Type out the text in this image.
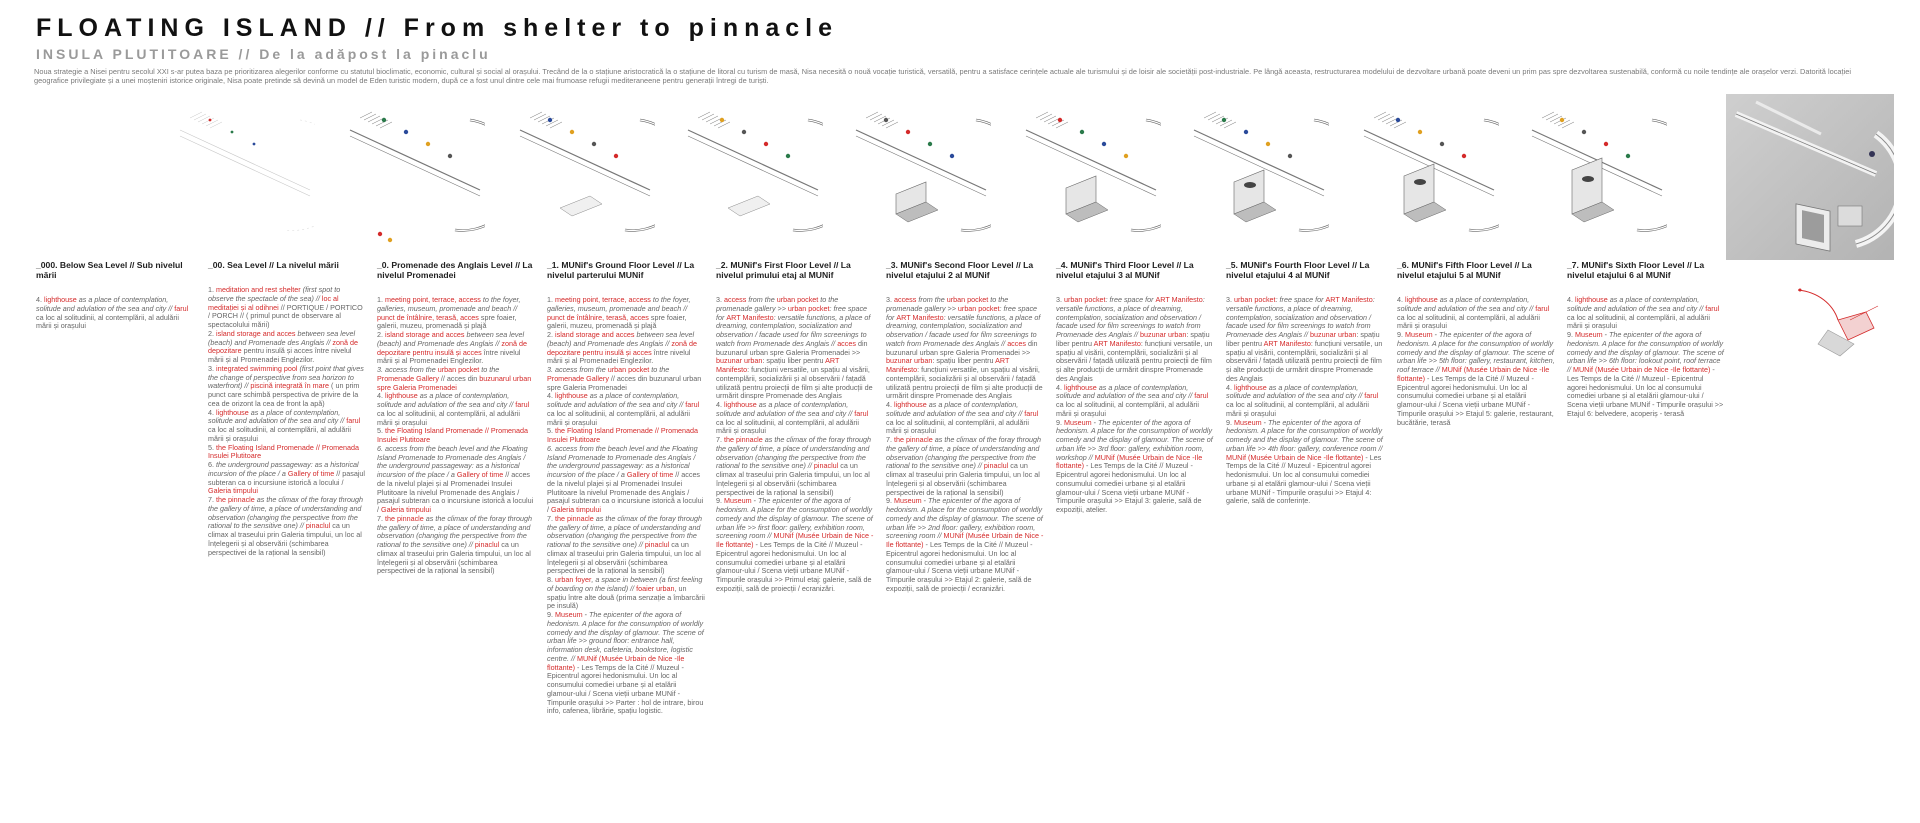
FLOATING ISLAND // From shelter to pinnacle
INSULA PLUTITOARE // De la adăpost la pinaclu
Noua strategie a Nisei pentru secolul XXI s-ar putea baza pe prioritizarea alegerilor conforme cu statutul bioclimatic, economic, cultural și social al orașului. Trecând de la o stațiune aristocratică la o stațiune de litoral cu turism de masă, Nisa necesită o nouă vocație turistică, versatilă, pentru a satisface cerințele actuale ale turismului și de loisir ale societății post-industriale. Pe lângă aceasta, restructurarea modelului de dezvoltare urbană poate deveni un prim pas spre dezvoltarea sustenabilă, conformă cu noile tendințe ale orașelor verzi. Datorită locației geografice privilegiate și a unei moșteniri istorice originale, Nisa poate pretinde să devină un model de Eden turistic modern, după ce a fost unul dintre cele mai frumoase refugii mediteraneene pentru generații întregi de turiști.
_000. Below Sea Level // Sub nivelul mării
4. lighthouse as a place of contemplation, solitude and adulation of the sea and city // farul ca loc al solitudinii, al contemplării, al adulării mării și orașului
_00. Sea Level // La nivelul mării
1. meditation and rest shelter (first spot to observe the spectacle of the sea) // loc al meditației și al odihnei // PORTIQUE / PORTICO / PORCH // ( primul punct de observare al spectacolului mării)
2. island storage and acces between sea level (beach) and Promenade des Anglais // zonă de depozitare pentru insulă și acces între nivelul mării și al Promenadei Englezilor.
3. integrated swimming pool (first point that gives the change of perspective from sea horizon to waterfront) // piscină integrată în mare ( un prim punct care schimbă perspectiva de privire de la cea de orizont la cea de front la apă)
4. lighthouse as a place of contemplation, solitude and adulation of the sea and city // farul ca loc al solitudinii, al contemplării, al adulării mării și orașului
5. the Floating Island Promenade // Promenada Insulei Plutitoare
6. the underground passageway: as a historical incursion of the place / a Gallery of time // pasajul subteran ca o incursiune istorică a locului / Galeria timpului
7. the pinnacle as the climax of the foray through the gallery of time, a place of understanding and observation (changing the perspective from the rational to the sensitive one) // pinaclul ca un climax al traseului prin Galeria timpului, un loc al înțelegerii și al observării (schimbarea perspectivei de la rațional la sensibil)
_0. Promenade des Anglais Level // La nivelul Promenadei
1. meeting point, terrace, access to the foyer, galleries, museum, promenade and beach // punct de întâlnire, terasă, acces spre foaier, galerii, muzeu, promenadă și plajă
2. island storage and acces between sea level (beach) and Promenade des Anglais // zonă de depozitare pentru insulă și acces între nivelul mării și al Promenadei Englezilor.
3. access from the urban pocket to the Promenade Gallery // acces din buzunarul urban spre Galeria Promenadei
4. lighthouse as a place of contemplation, solitude and adulation of the sea and city // farul ca loc al solitudinii, al contemplării, al adulării mării și orașului
5. the Floating Island Promenade // Promenada Insulei Plutitoare
6. access from the beach level and the Floating Island Promenade to Promenade des Anglais / the underground passageway: as a historical incursion of the place / a Gallery of time // acces de la nivelul plajei și al Promenadei Insulei Plutitoare la nivelul Promenade des Anglais / pasajul subteran ca o incursiune istorică a locului / Galeria timpului
7. the pinnacle as the climax of the foray through the gallery of time, a place of understanding and observation (changing the perspective from the rational to the sensitive one) // pinaclul ca un climax al traseului prin Galeria timpului, un loc al înțelegerii și al observării (schimbarea perspectivei de la rațional la sensibil)
_1. MUNif's Ground Floor Level // La nivelul parterului MUNif
1. meeting point, terrace, access to the foyer, galleries, museum, promenade and beach // punct de întâlnire, terasă, acces spre foaier, galerii, muzeu, promenadă și plajă
2. island storage and acces between sea level (beach) and Promenade des Anglais // zonă de depozitare pentru insulă și acces între nivelul mării și al Promenadei Englezilor.
3. access from the urban pocket to the Promenade Gallery // acces din buzunarul urban spre Galeria Promenadei
4. lighthouse as a place of contemplation, solitude and adulation of the sea and city // farul ca loc al solitudinii, al contemplării, al adulării mării și orașului
5. the Floating Island Promenade // Promenada Insulei Plutitoare
6. access from the beach level and the Floating Island Promenade to Promenade des Anglais / the underground passageway: as a historical incursion of the place / a Gallery of time // acces de la nivelul plajei și al Promenadei Insulei Plutitoare la nivelul Promenade des Anglais / pasajul subteran ca o incursiune istorică a locului / Galeria timpului
7. the pinnacle as the climax of the foray through the gallery of time, a place of understanding and observation (changing the perspective from the rational to the sensitive one) // pinaclul ca un climax al traseului prin Galeria timpului, un loc al înțelegerii și al observării (schimbarea perspectivei de la rațional la sensibil)
8. urban foyer, a space in between (a first feeling of boarding on the island) // foaier urban, un spațiu între alte două (prima senzație a îmbarcării pe insulă)
9. Museum - The epicenter of the agora of hedonism. A place for the consumption of worldly comedy and the display of glamour. The scene of urban life >> ground floor: entrance hall, information desk, cafeteria, bookstore, logistic centre. // MUNif (Musée Urbain de Nice -Ile flottante) - Les Temps de la Cité // Muzeul - Epicentrul agorei hedonismului. Un loc al consumului comediei urbane și al etalării glamour-ului / Scena vieții urbane MUNif - Timpurile orașului >> Parter : hol de intrare, birou info, cafenea, librărie, spațiu logistic.
_2. MUNif's First Floor Level // La nivelul primului etaj al MUNif
3. access from the urban pocket to the promenade gallery >> urban pocket: free space for ART Manifesto: versatile functions, a place of dreaming, contemplation, socialization and observation / facade used for film screenings to watch from Promenade des Anglais // acces din buzunarul urban spre Galeria Promenadei >> buzunar urban: spațiu liber pentru ART Manifesto: funcțiuni versatile, un spațiu al visării, contemplării, socializării și al observării / fațadă utilizată pentru proiecții de film și alte producții de urmărit dinspre Promenade des Anglais
4. lighthouse as a place of contemplation, solitude and adulation of the sea and city // farul ca loc al solitudinii, al contemplării, al adulării mării și orașului
7. the pinnacle as the climax of the foray through the gallery of time, a place of understanding and observation (changing the perspective from the rational to the sensitive one) // pinaclul ca un climax al traseului prin Galeria timpului, un loc al înțelegerii și al observării (schimbarea perspectivei de la rațional la sensibil)
9. Museum - The epicenter of the agora of hedonism. A place for the consumption of worldly comedy and the display of glamour. The scene of urban life >> first floor: gallery, exhibition room, screening room // MUNif (Musée Urbain de Nice -Ile flottante) - Les Temps de la Cité // Muzeul -Epicentrul agorei hedonismului. Un loc al consumului comediei urbane și al etalării glamour-ului / Scena vieții urbane MUNif - Timpurile orașului >> Primul etaj: galerie, sală de expoziții, sală de proiecții / ecranizări.
_3. MUNif's Second Floor Level // La nivelul etajului 2 al MUNif
3. access from the urban pocket to the promenade gallery >> urban pocket: free space for ART Manifesto: versatile functions, a place of dreaming, contemplation, socialization and observation / facade used for film screenings to watch from Promenade des Anglais // acces din buzunarul urban spre Galeria Promenadei >> buzunar urban: spațiu liber pentru ART Manifesto: funcțiuni versatile, un spațiu al visării, contemplării, socializării și al observării / fațadă utilizată pentru proiecții de film și alte producții de urmărit dinspre Promenade des Anglais
4. lighthouse as a place of contemplation, solitude and adulation of the sea and city // farul ca loc al solitudinii, al contemplării, al adulării mării și orașului
7. the pinnacle as the climax of the foray through the gallery of time, a place of understanding and observation (changing the perspective from the rational to the sensitive one) // pinaclul ca un climax al traseului prin Galeria timpului, un loc al înțelegerii și al observării (schimbarea perspectivei de la rațional la sensibil)
9. Museum - The epicenter of the agora of hedonism. A place for the consumption of worldly comedy and the display of glamour. The scene of urban life >> 2nd floor: gallery, exhibition room, screening room // MUNif (Musée Urbain de Nice -Ile flottante) - Les Temps de la Cité // Muzeul - Epicentrul agorei hedonismului. Un loc al consumului comediei urbane și al etalării glamour-ului / Scena vieții urbane MUNif - Timpurile orașului >> Etajul 2: galerie, sală de expoziții, sală de proiecții / ecranizări.
_4. MUNif's Third Floor Level // La nivelul etajului 3 al MUNif
3. urban pocket: free space for ART Manifesto: versatile functions, a place of dreaming, contemplation, socialization and observation / facade used for film screenings to watch from Promenade des Anglais // buzunar urban: spațiu liber pentru ART Manifesto: funcțiuni versatile, un spațiu al visării, contemplării, socializării și al observării / fațadă utilizată pentru proiecții de film și alte producții de urmărit dinspre Promenade des Anglais
4. lighthouse as a place of contemplation, solitude and adulation of the sea and city // farul ca loc al solitudinii, al contemplării, al adulării mării și orașului
9. Museum - The epicenter of the agora of hedonism. A place for the consumption of worldly comedy and the display of glamour. The scene of urban life >> 3rd floor: gallery, exhibition room, workshop // MUNif (Musée Urbain de Nice -Ile flottante) - Les Temps de la Cité // Muzeul - Epicentrul agorei hedonismului. Un loc al consumului comediei urbane și al etalării glamour-ului / Scena vieții urbane MUNif - Timpurile orașului >> Etajul 3: galerie, sală de expoziții, atelier.
_5. MUNif's Fourth Floor Level // La nivelul etajului 4 al MUNif
3. urban pocket: free space for ART Manifesto: versatile functions, a place of dreaming, contemplation, socialization and observation / facade used for film screenings to watch from Promenade des Anglais // buzunar urban: spațiu liber pentru ART Manifesto: funcțiuni versatile, un spațiu al visării, contemplării, socializării și al observării / fațadă utilizată pentru proiecții de film și alte producții de urmărit dinspre Promenade des Anglais
4. lighthouse as a place of contemplation, solitude and adulation of the sea and city // farul ca loc al solitudinii, al contemplării, al adulării mării și orașului
9. Museum - The epicenter of the agora of hedonism. A place for the consumption of worldly comedy and the display of glamour. The scene of urban life >> 4th floor: gallery, conference room // MUNif (Musée Urbain de Nice -Ile flottante) - Les Temps de la Cité // Muzeul - Epicentrul agorei hedonismului. Un loc al consumului comediei urbane și al etalării glamour-ului / Scena vieții urbane MUNif - Timpurile orașului >> Etajul 4: galerie, sală de conferințe.
_6. MUNif's Fifth Floor Level // La nivelul etajului 5 al MUNif
4. lighthouse as a place of contemplation, solitude and adulation of the sea and city // farul ca loc al solitudinii, al contemplării, al adulării mării și orașului
9. Museum - The epicenter of the agora of hedonism. A place for the consumption of worldly comedy and the display of glamour. The scene of urban life >> 5th floor: gallery, restaurant, kitchen, roof terrace // MUNif (Musée Urbain de Nice -Ile flottante) - Les Temps de la Cité // Muzeul - Epicentrul agorei hedonismului. Un loc al consumului comediei urbane și al etalării glamour-ului / Scena vieții urbane MUNif - Timpurile orașului >> Etajul 5: galerie, restaurant, bucătărie, terasă
_7. MUNif's Sixth Floor Level // La nivelul etajului 6 al MUNif
4. lighthouse as a place of contemplation, solitude and adulation of the sea and city // farul ca loc al solitudinii, al contemplării, al adulării mării și orașului
9. Museum - The epicenter of the agora of hedonism. A place for the consumption of worldly comedy and the display of glamour. The scene of urban life >> 6th floor: lookout point, roof terrace // MUNif (Musée Urbain de Nice -Ile flottante) - Les Temps de la Cité // Muzeul - Epicentrul agorei hedonismului. Un loc al consumului comediei urbane și al etalării glamour-ului / Scena vieții urbane MUNif - Timpurile orașului >> Etajul 6: belvedere, acoperiș - terasă
